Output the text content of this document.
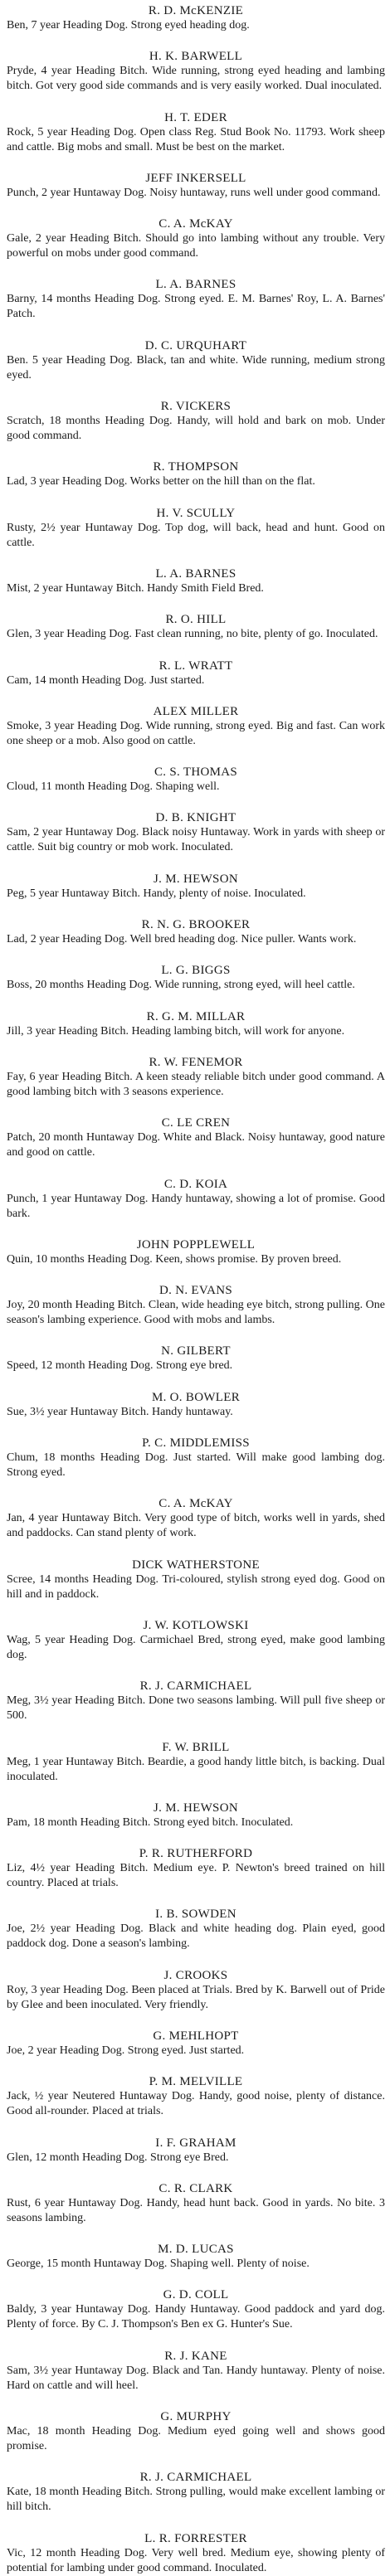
R. D. McKENZIE
Ben, 7 year Heading Dog. Strong eyed heading dog.
H. K. BARWELL
Pryde, 4 year Heading Bitch. Wide running, strong eyed heading and lambing bitch. Got very good side commands and is very easily worked. Dual inoculated.
H. T. EDER
Rock, 5 year Heading Dog. Open class Reg. Stud Book No. 11793. Work sheep and cattle. Big mobs and small. Must be best on the market.
JEFF INKERSELL
Punch, 2 year Huntaway Dog. Noisy huntaway, runs well under good command.
C. A. McKAY
Gale, 2 year Heading Bitch. Should go into lambing without any trouble. Very powerful on mobs under good command.
L. A. BARNES
Barny, 14 months Heading Dog. Strong eyed. E. M. Barnes' Roy, L. A. Barnes' Patch.
D. C. URQUHART
Ben. 5 year Heading Dog. Black, tan and white. Wide running, medium strong eyed.
R. VICKERS
Scratch, 18 months Heading Dog. Handy, will hold and bark on mob. Under good command.
R. THOMPSON
Lad, 3 year Heading Dog. Works better on the hill than on the flat.
H. V. SCULLY
Rusty, 2½ year Huntaway Dog. Top dog, will back, head and hunt. Good on cattle.
L. A. BARNES
Mist, 2 year Huntaway Bitch. Handy Smith Field Bred.
R. O. HILL
Glen, 3 year Heading Dog. Fast clean running, no bite, plenty of go. Inoculated.
R. L. WRATT
Cam, 14 month Heading Dog. Just started.
ALEX MILLER
Smoke, 3 year Heading Dog. Wide running, strong eyed. Big and fast. Can work one sheep or a mob. Also good on cattle.
C. S. THOMAS
Cloud, 11 month Heading Dog. Shaping well.
D. B. KNIGHT
Sam, 2 year Huntaway Dog. Black noisy Huntaway. Work in yards with sheep or cattle. Suit big country or mob work. Inoculated.
J. M. HEWSON
Peg, 5 year Huntaway Bitch. Handy, plenty of noise. Inoculated.
R. N. G. BROOKER
Lad, 2 year Heading Dog. Well bred heading dog. Nice puller. Wants work.
L. G. BIGGS
Boss, 20 months Heading Dog. Wide running, strong eyed, will heel cattle.
R. G. M. MILLAR
Jill, 3 year Heading Bitch. Heading lambing bitch, will work for anyone.
R. W. FENEMOR
Fay, 6 year Heading Bitch. A keen steady reliable bitch under good command. A good lambing bitch with 3 seasons experience.
C. LE CREN
Patch, 20 month Huntaway Dog. White and Black. Noisy huntaway, good nature and good on cattle.
C. D. KOIA
Punch, 1 year Huntaway Dog. Handy huntaway, showing a lot of promise. Good bark.
JOHN POPPLEWELL
Quin, 10 months Heading Dog. Keen, shows promise. By proven breed.
D. N. EVANS
Joy, 20 month Heading Bitch. Clean, wide heading eye bitch, strong pulling. One season's lambing experience. Good with mobs and lambs.
N. GILBERT
Speed, 12 month Heading Dog. Strong eye bred.
M. O. BOWLER
Sue, 3½ year Huntaway Bitch. Handy huntaway.
P. C. MIDDLEMISS
Chum, 18 months Heading Dog. Just started. Will make good lambing dog. Strong eyed.
C. A. McKAY
Jan, 4 year Huntaway Bitch. Very good type of bitch, works well in yards, shed and paddocks. Can stand plenty of work.
DICK WATHERSTONE
Scree, 14 months Heading Dog. Tri-coloured, stylish strong eyed dog. Good on hill and in paddock.
J. W. KOTLOWSKI
Wag, 5 year Heading Dog. Carmichael Bred, strong eyed, make good lambing dog.
R. J. CARMICHAEL
Meg, 3½ year Heading Bitch. Done two seasons lambing. Will pull five sheep or 500.
F. W. BRILL
Meg, 1 year Huntaway Bitch. Beardie, a good handy little bitch, is backing. Dual inoculated.
J. M. HEWSON
Pam, 18 month Heading Bitch. Strong eyed bitch. Inoculated.
P. R. RUTHERFORD
Liz, 4½ year Heading Bitch. Medium eye. P. Newton's breed trained on hill country. Placed at trials.
I. B. SOWDEN
Joe, 2½ year Heading Dog. Black and white heading dog. Plain eyed, good paddock dog. Done a season's lambing.
J. CROOKS
Roy, 3 year Heading Dog. Been placed at Trials. Bred by K. Barwell out of Pride by Glee and been inoculated. Very friendly.
G. MEHLHOPT
Joe, 2 year Heading Dog. Strong eyed. Just started.
P. M. MELVILLE
Jack, ½ year Neutered Huntaway Dog. Handy, good noise, plenty of distance. Good all-rounder. Placed at trials.
I. F. GRAHAM
Glen, 12 month Heading Dog. Strong eye Bred.
C. R. CLARK
Rust, 6 year Huntaway Dog. Handy, head hunt back. Good in yards. No bite. 3 seasons lambing.
M. D. LUCAS
George, 15 month Huntaway Dog. Shaping well. Plenty of noise.
G. D. COLL
Baldy, 3 year Huntaway Dog. Handy Huntaway. Good paddock and yard dog. Plenty of force. By C. J. Thompson's Ben ex G. Hunter's Sue.
R. J. KANE
Sam, 3½ year Huntaway Dog. Black and Tan. Handy huntaway. Plenty of noise. Hard on cattle and will heel.
G. MURPHY
Mac, 18 month Heading Dog. Medium eyed going well and shows good promise.
R. J. CARMICHAEL
Kate, 18 month Heading Bitch. Strong pulling, would make excellent lambing or hill bitch.
L. R. FORRESTER
Vic, 12 month Heading Dog. Very well bred. Medium eye, showing plenty of potential for lambing under good command. Inoculated.
